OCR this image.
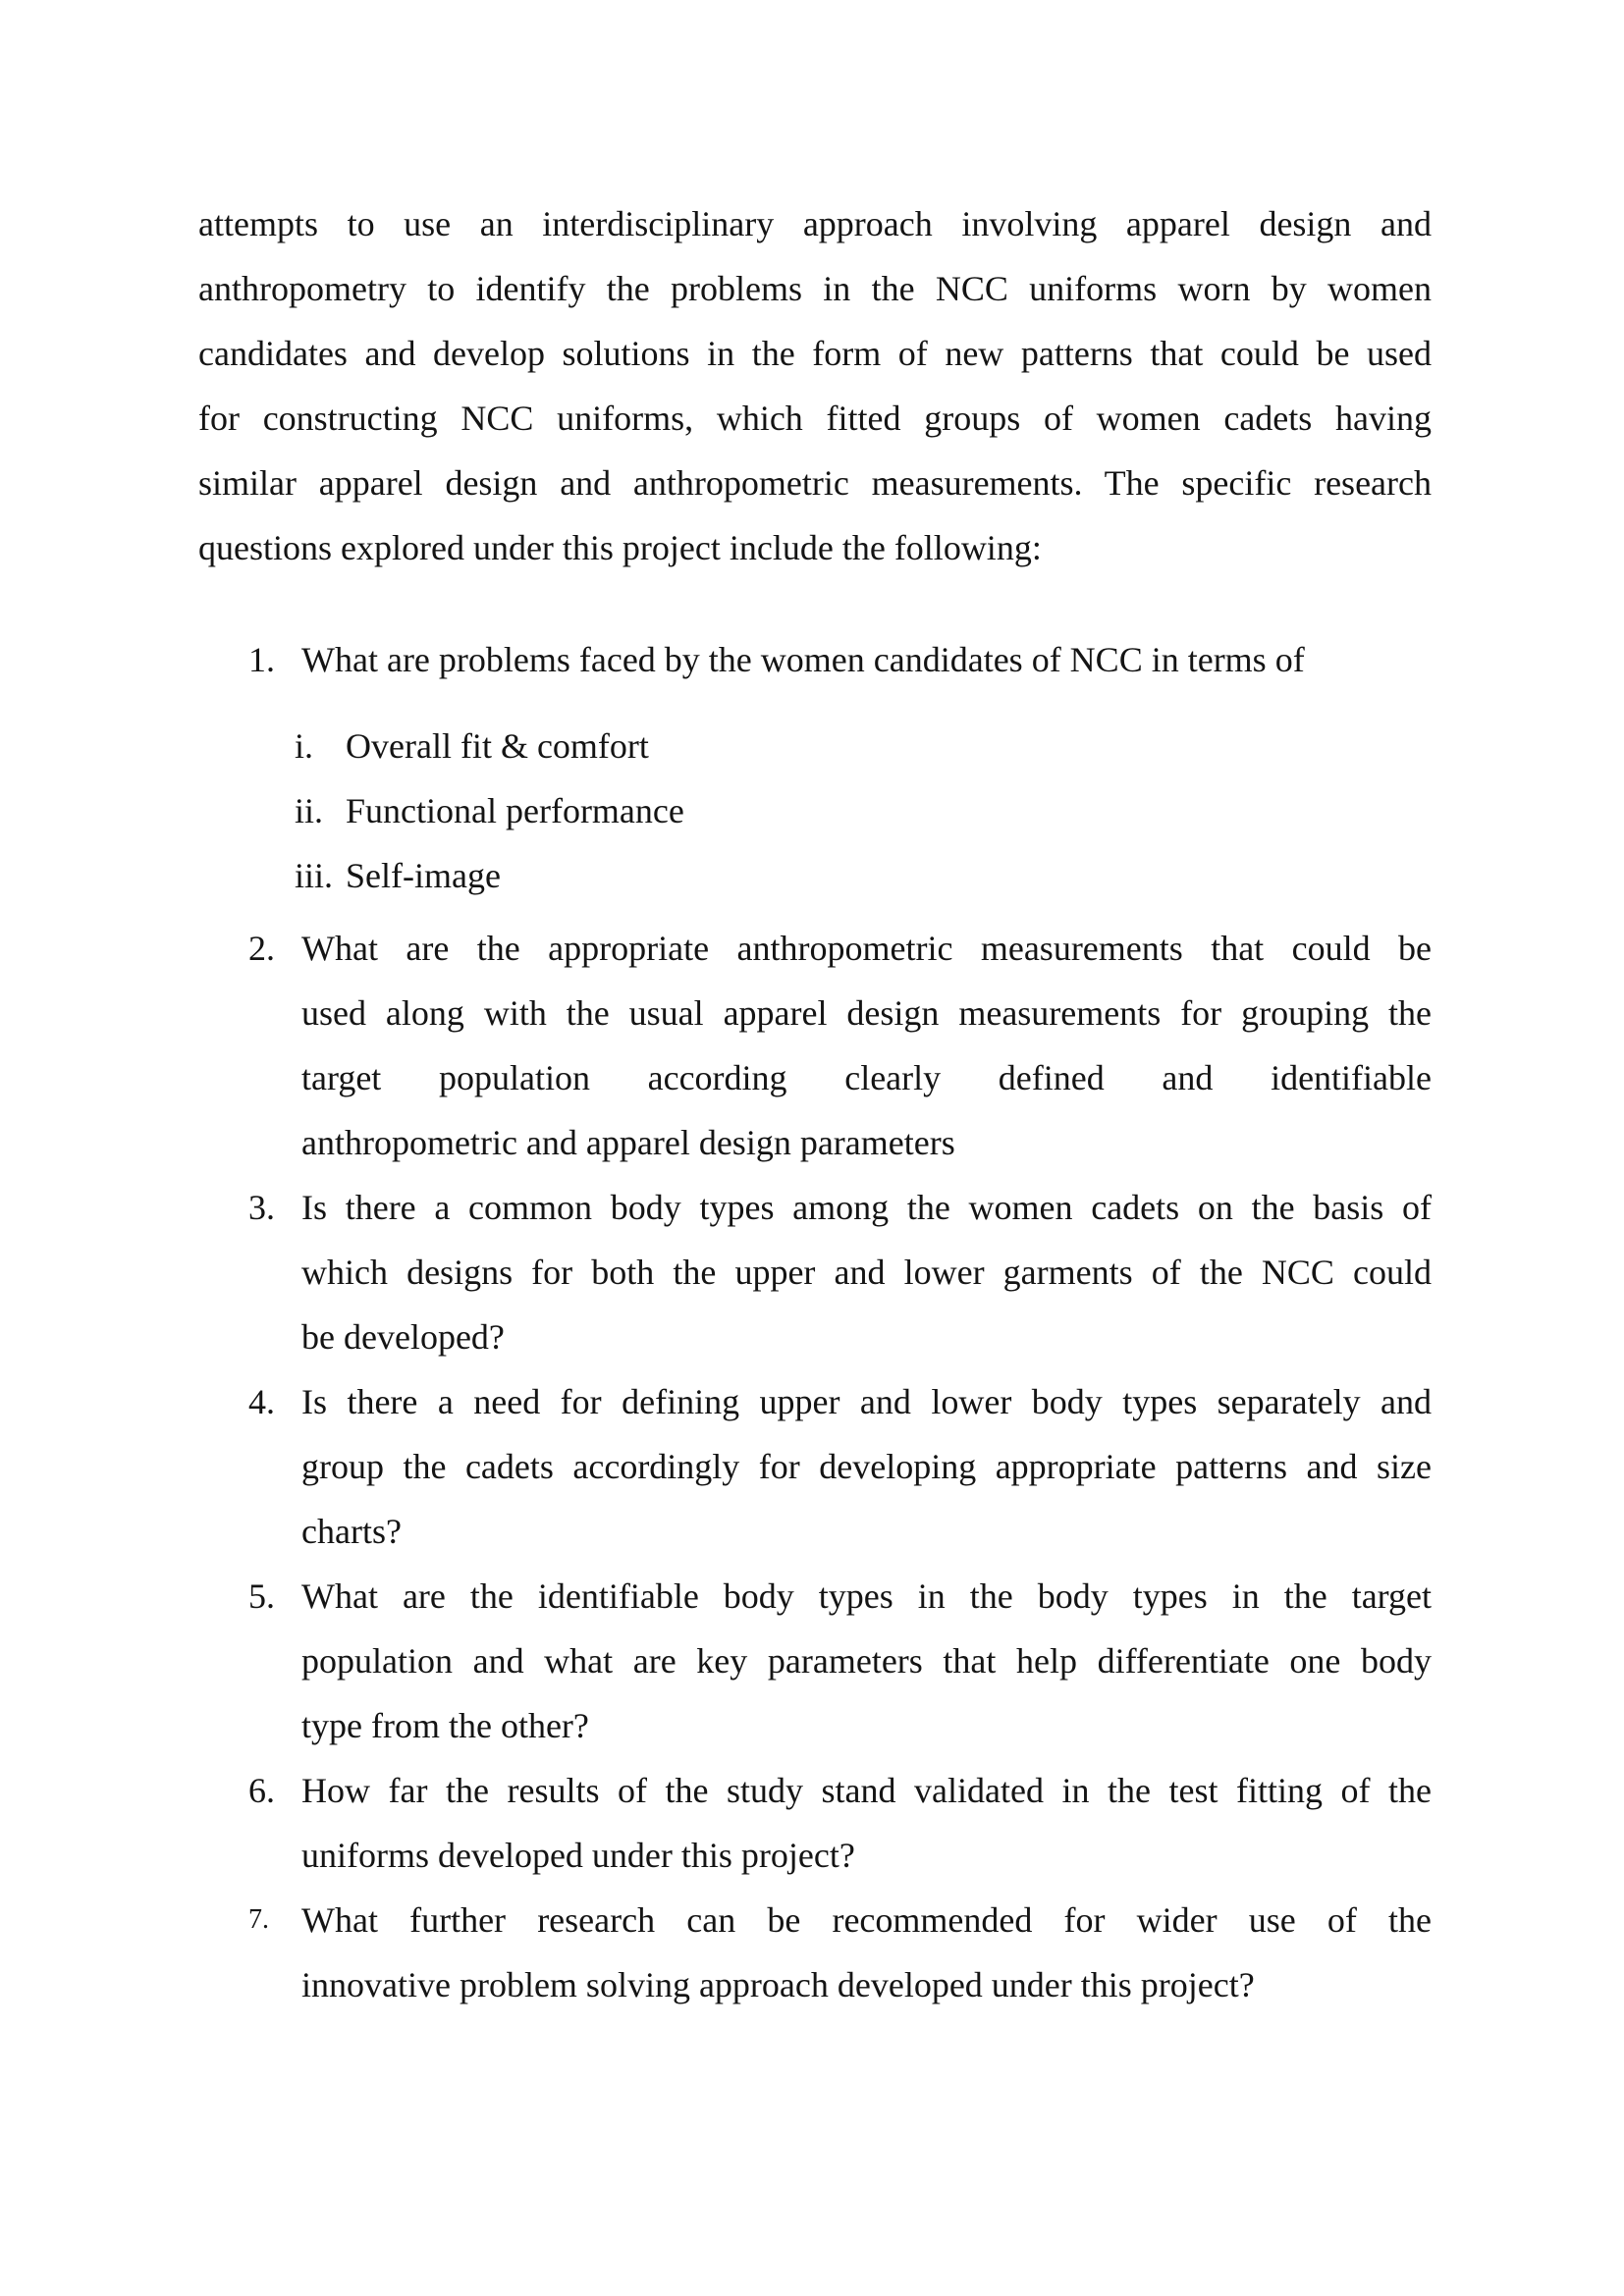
attempts to use an interdisciplinary approach involving apparel design and
anthropometry to identify the problems in the NCC uniforms worn by women
candidates and develop solutions in the form of new patterns that could be used
for constructing NCC uniforms, which fitted groups of women cadets having
similar apparel design and anthropometric measurements. The specific research
questions explored under this project include the following:
1. What are problems faced by the women candidates of NCC in terms of
i. Overall fit & comfort
ii. Functional performance
iii. Self-image
2. What are the appropriate anthropometric measurements that could be
used along with the usual apparel design measurements for grouping the
target population according clearly defined and identifiable
anthropometric and apparel design parameters
3. Is there a common body types among the women cadets on the basis of
which designs for both the upper and lower garments of the NCC could
be developed?
4. Is there a need for defining upper and lower body types separately and
group the cadets accordingly for developing appropriate patterns and size
charts?
5. What are the identifiable body types in the body types in the target
population and what are key parameters that help differentiate one body
type from the other?
6. How far the results of the study stand validated in the test fitting of the
uniforms developed under this project?
7. What further research can be recommended for wider use of the
innovative problem solving approach developed under this project?
